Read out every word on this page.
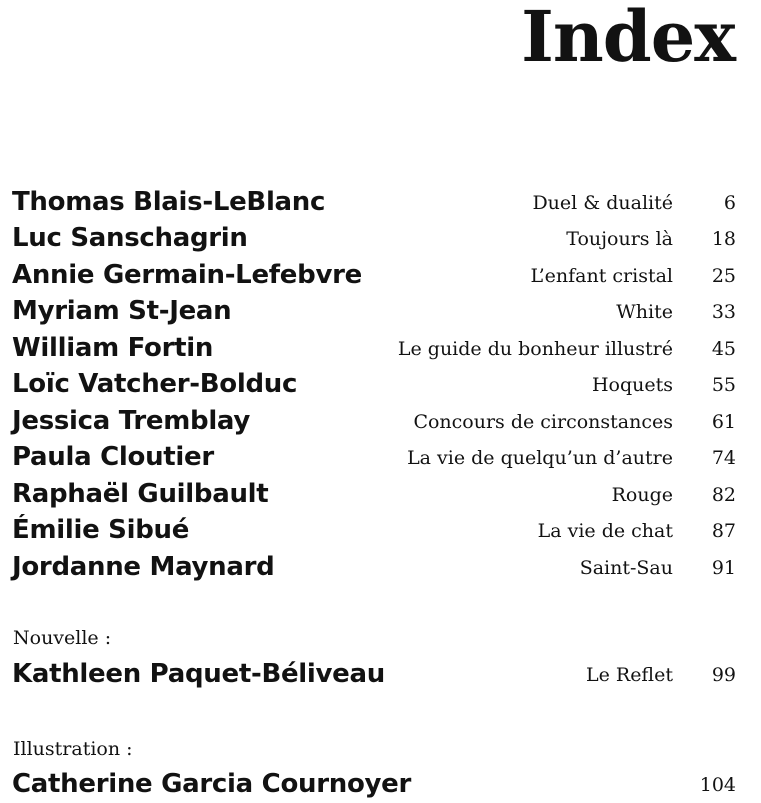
Index
Thomas Blais-LeBlanc	Duel & dualité	6
Luc Sanschagrin	Toujours là 18
Annie Germain-Lefebvre	L’enfant cristal 25
Myriam St-Jean	White 33
William Fortin	Le guide du bonheur illustré 45
Loïc Vatcher-Bolduc	Hoquets 55
Jessica Tremblay	Concours de circonstances 61
Paula Cloutier	La vie de quelqu’un d’autre 74
Raphaël Guilbault	Rouge 82
Émilie Sibué	La vie de chat 87
Jordanne Maynard	Saint-Sau 91
Nouvelle :
Kathleen Paquet-Béliveau	Le Reflet 99
Illustration :
Catherine Garcia Cournoyer	104
